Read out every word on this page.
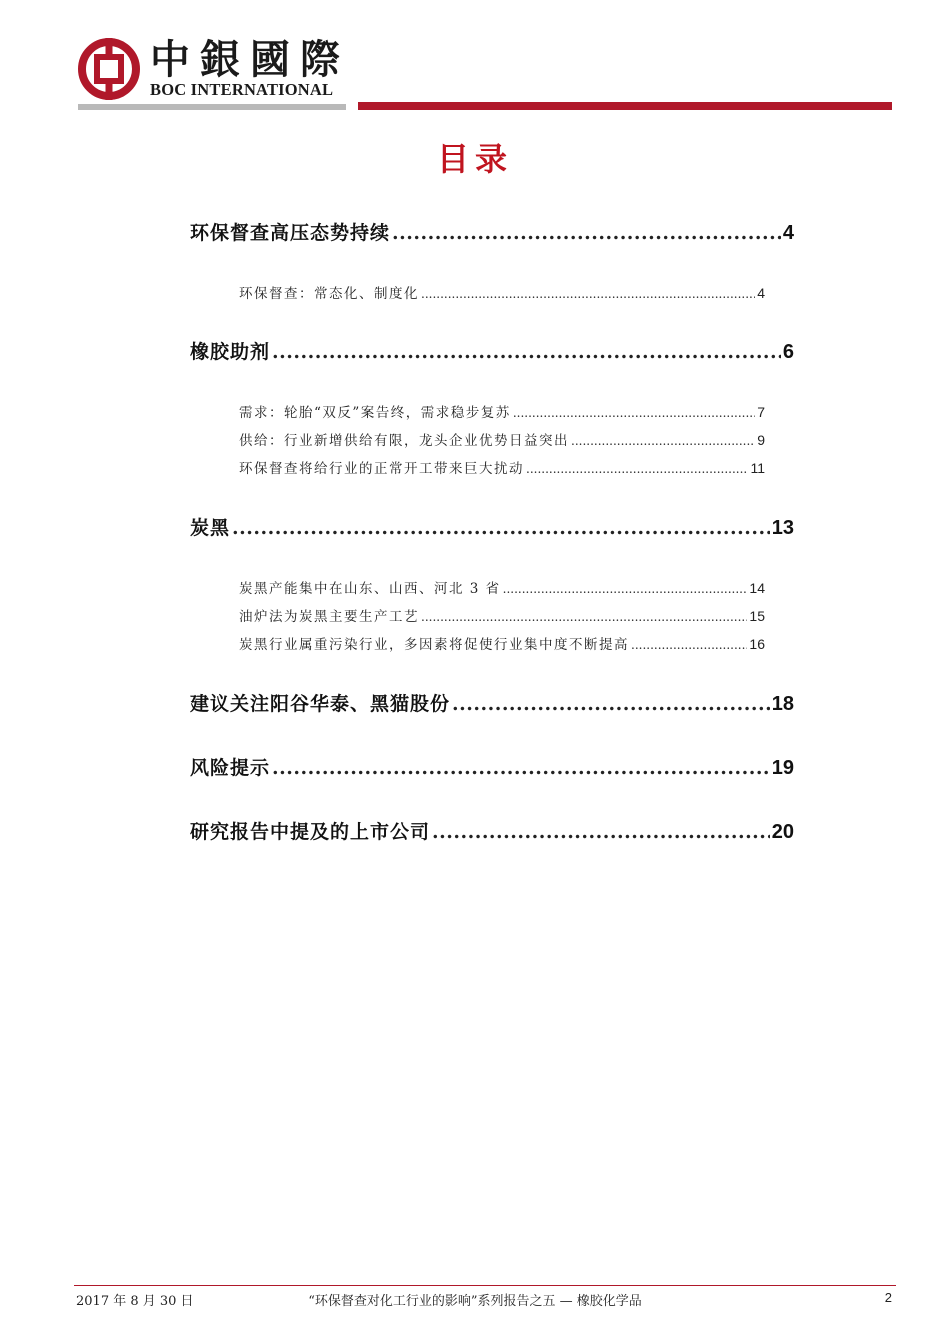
中銀國際
BOC INTERNATIONAL
目录
环保督查高压态势持续 .....	4
环保督查：常态化、制度化 .....	4
橡胶助剂 .....	6
需求：轮胎“双反”案告终，需求稳步复苏 .....	7
供给：行业新增供给有限，龙头企业优势日益突出 .....	9
环保督查将给行业的正常开工带来巨大扰动 .....	11
炭黑 .....	13
炭黑产能集中在山东、山西、河北 3 省 .....	14
油炉法为炭黑主要生产工艺 .....	15
炭黑行业属重污染行业，多因素将促使行业集中度不断提高 .....	16
建议关注阳谷华泰、黑猫股份 .....	18
风险提示 .....	19
研究报告中提及的上市公司 .....	20
2017 年 8 月 30 日	“环保督查对化工行业的影响”系列报告之五 — 橡胶化学品	2
